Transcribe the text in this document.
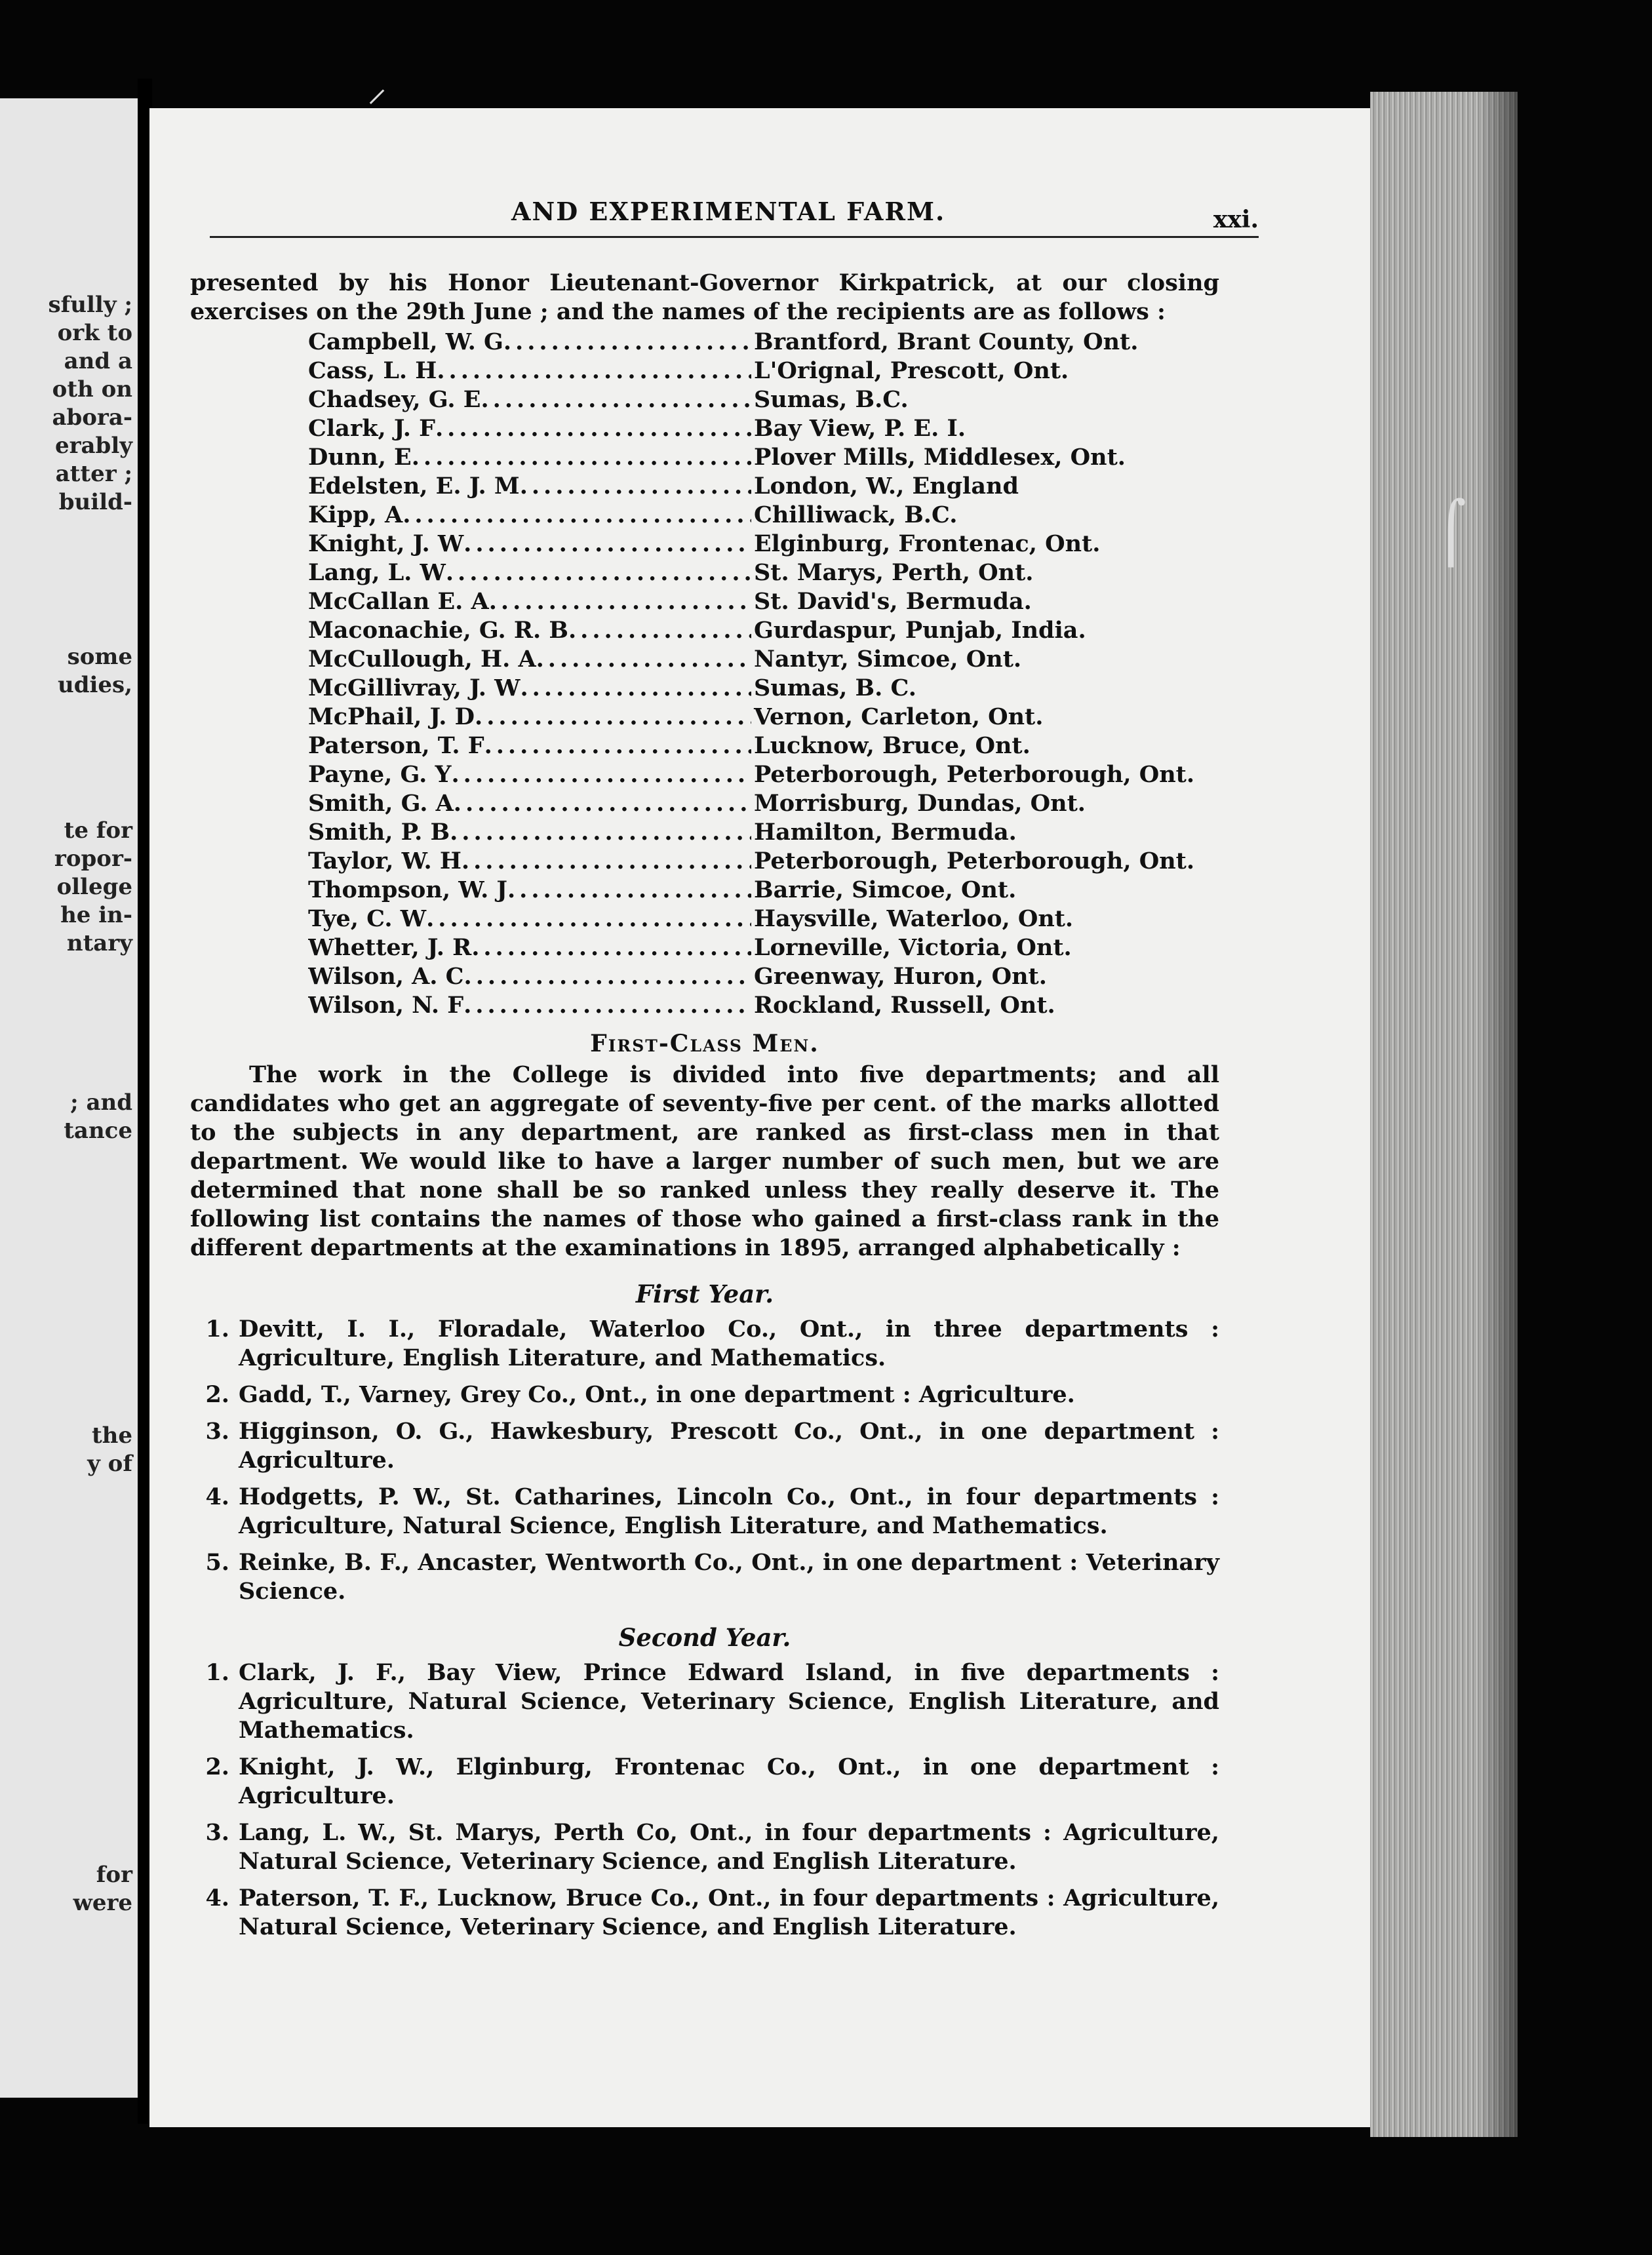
sfully ;
ork to
and a
oth on
abora-
erably
atter ;
build-
some
udies,
te for
ropor-
ollege
he in-
ntary
; and
tance
the
y of
for
were
⸝
⌠
AND EXPERIMENTAL FARM.	xxi.

presented by his Honor Lieutenant-Governor Kirkpatrick, at our closing exercises on the 29th June ; and the names of the recipients are as follows :

Campbell, W. G .....	Brantford, Brant County, Ont.
Cass, L. H .....	L'Orignal, Prescott, Ont.
Chadsey, G. E .....	Sumas, B.C.
Clark, J. F .....	Bay View, P. E. I.
Dunn, E .....	Plover Mills, Middlesex, Ont.
Edelsten, E. J. M .....	London, W., England
Kipp, A .....	Chilliwack, B.C.
Knight, J. W .....	Elginburg, Frontenac, Ont.
Lang, L. W .....	St. Marys, Perth, Ont.
McCallan E. A .....	St. David's, Bermuda.
Maconachie, G. R. B .....	Gurdaspur, Punjab, India.
McCullough, H. A .....	Nantyr, Simcoe, Ont.
McGillivray, J. W .....	Sumas, B. C.
McPhail, J. D .....	Vernon, Carleton, Ont.
Paterson, T. F .....	Lucknow, Bruce, Ont.
Payne, G. Y .....	Peterborough, Peterborough, Ont.
Smith, G. A .....	Morrisburg, Dundas, Ont.
Smith, P. B .....	Hamilton, Bermuda.
Taylor, W. H .....	Peterborough, Peterborough, Ont.
Thompson, W. J .....	Barrie, Simcoe, Ont.
Tye, C. W .....	Haysville, Waterloo, Ont.
Whetter, J. R .....	Lorneville, Victoria, Ont.
Wilson, A. C .....	Greenway, Huron, Ont.
Wilson, N. F .....	Rockland, Russell, Ont.
First-Class Men.

The work in the College is divided into five departments; and all candidates who get an aggregate of seventy-five per cent. of the marks allotted to the subjects in any department, are ranked as first-class men in that department. We would like to have a larger number of such men, but we are determined that none shall be so ranked unless they really deserve it. The following list contains the names of those who gained a first-class rank in the different departments at the examinations in 1895, arranged alphabetically :

First Year.
1. Devitt, I. I., Floradale, Waterloo Co., Ont., in three departments : Agriculture, English Literature, and Mathematics.
2. Gadd, T., Varney, Grey Co., Ont., in one department : Agriculture.
3. Higginson, O. G., Hawkesbury, Prescott Co., Ont., in one department : Agriculture.
4. Hodgetts, P. W., St. Catharines, Lincoln Co., Ont., in four departments : Agriculture, Natural Science, English Literature, and Mathematics.
5. Reinke, B. F., Ancaster, Wentworth Co., Ont., in one department : Veterinary Science.
Second Year.
1. Clark, J. F., Bay View, Prince Edward Island, in five departments : Agriculture, Natural Science, Veterinary Science, English Literature, and Mathematics.
2. Knight, J. W., Elginburg, Frontenac Co., Ont., in one department : Agriculture.
3. Lang, L. W., St. Marys, Perth Co, Ont., in four departments : Agriculture, Natural Science, Veterinary Science, and English Literature.
4. Paterson, T. F., Lucknow, Bruce Co., Ont., in four departments : Agriculture, Natural Science, Veterinary Science, and English Literature.
